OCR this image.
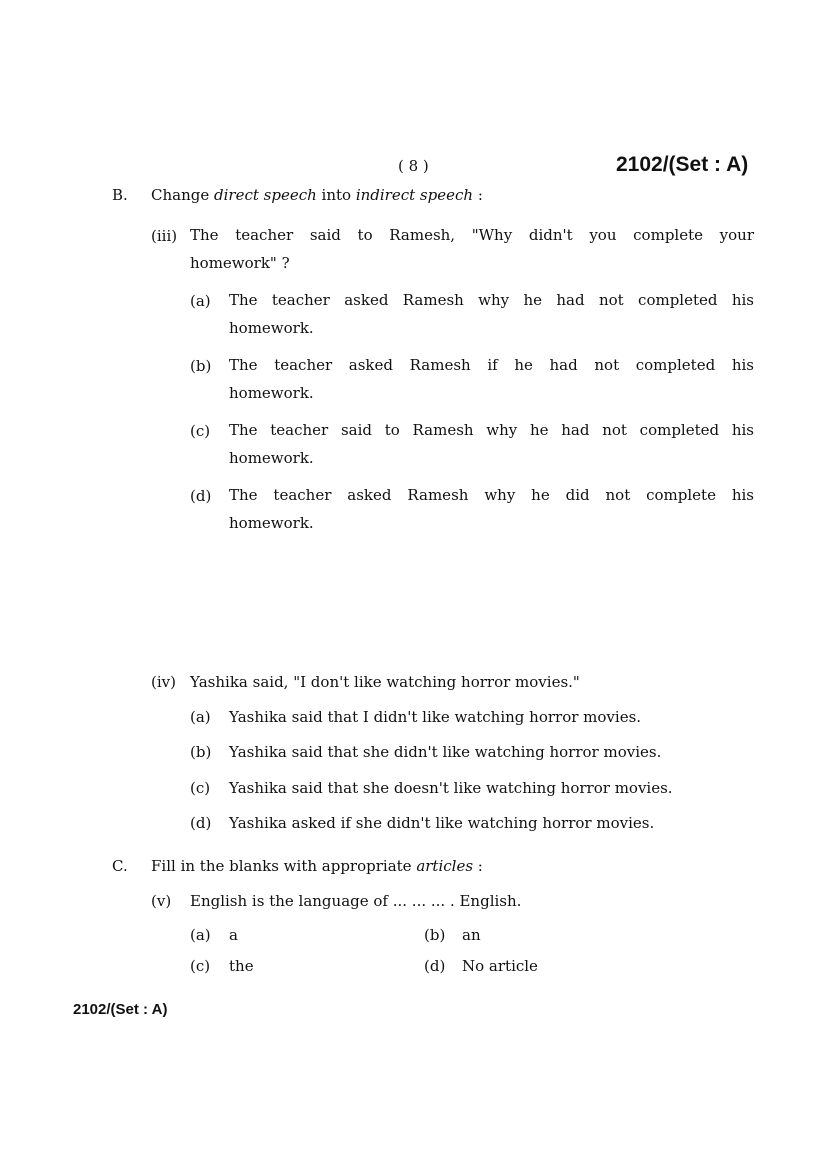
( 8 )	2102/(Set : A)
B. Change direct speech into indirect speech :
(iii) The teacher said to Ramesh, "Why didn't you complete your
homework" ?
(a) The teacher asked Ramesh why he had not completed his
homework.
(b) The teacher asked Ramesh if he had not completed his
homework.
(c) The teacher said to Ramesh why he had not completed his
homework.
(d) The teacher asked Ramesh why he did not complete his
homework.
(iv) Yashika said, "I don't like watching horror movies."
(a) Yashika said that I didn't like watching horror movies.
(b) Yashika said that she didn't like watching horror movies.
(c) Yashika said that she doesn't like watching horror movies.
(d) Yashika asked if she didn't like watching horror movies.
C. Fill in the blanks with appropriate articles :
(v) English is the language of ... ... ... . English.
(a) a	(b) an
(c) the	(d) No article
2102/(Set : A)
